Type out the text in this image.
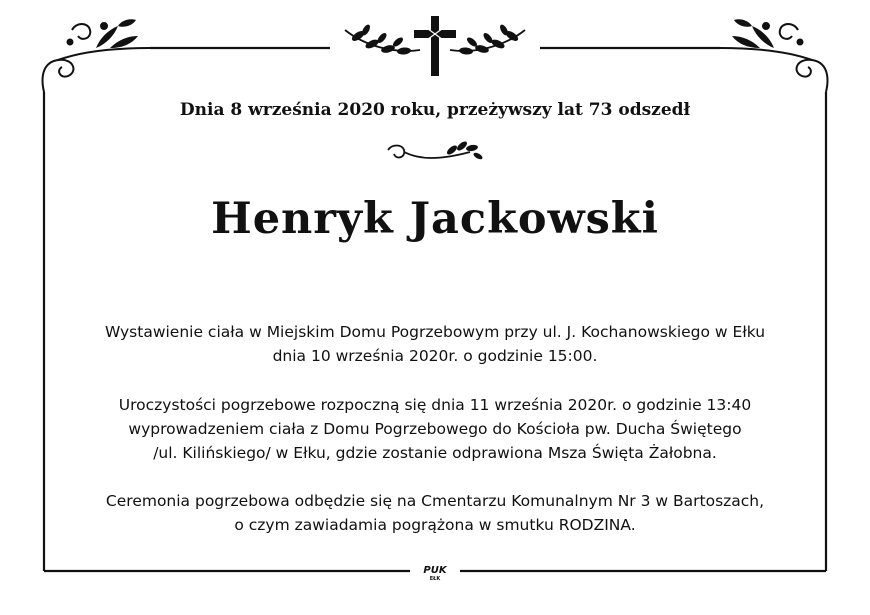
Dnia 8 września 2020 roku, przeżywszy lat 73 odszedł
Henryk Jackowski
Wystawienie ciała w Miejskim Domu Pogrzebowym przy ul. J. Kochanowskiego w Ełku
dnia 10 września 2020r. o godzinie 15:00.
Uroczystości pogrzebowe rozpoczną się dnia 11 września 2020r. o godzinie 13:40
wyprowadzeniem ciała z Domu Pogrzebowego do Kościoła pw. Ducha Świętego
/ul. Kilińskiego/ w Ełku, gdzie zostanie odprawiona Msza Święta Żałobna.
Ceremonia pogrzebowa odbędzie się na Cmentarzu Komunalnym Nr 3 w Bartoszach,
o czym zawiadamia pogrążona w smutku RODZINA.
PUK
EŁK
